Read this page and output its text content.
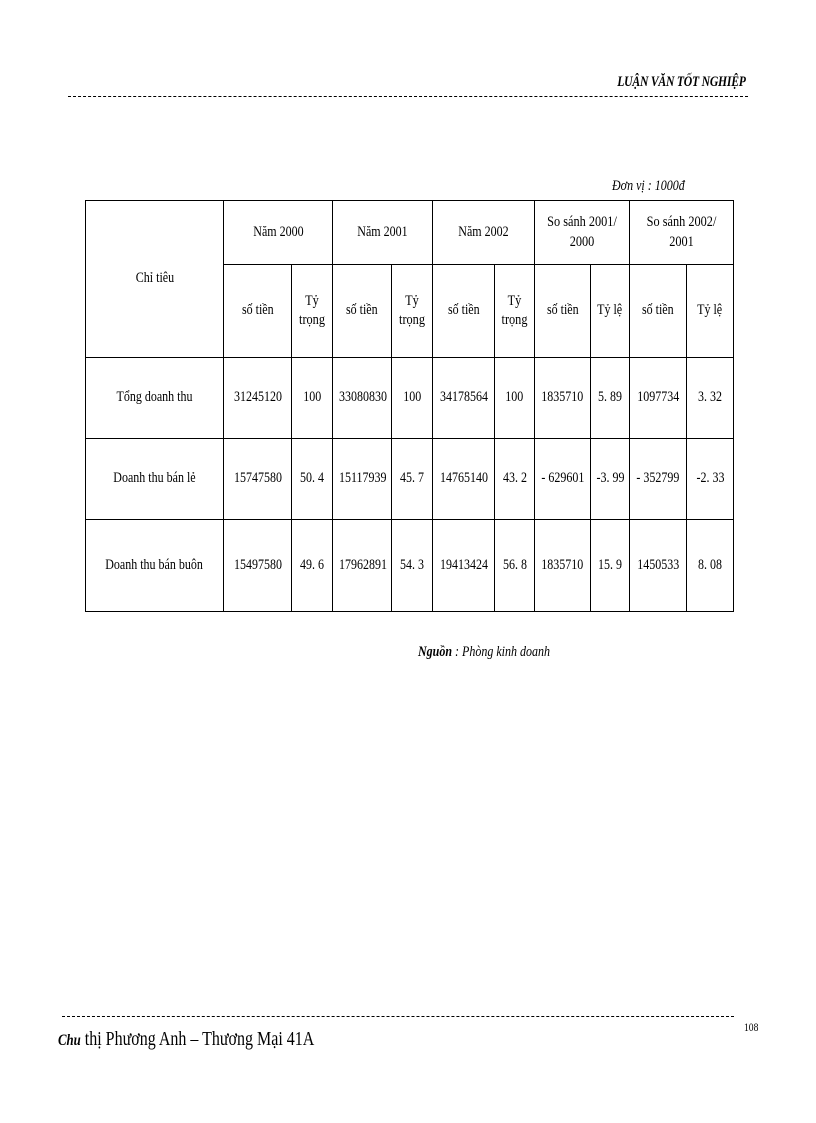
LUẬN VĂN TỐT NGHIỆP
Đơn vị : 1000đ
Chỉ tiêu	Năm 2000		Năm 2001		Năm 2002		So sánh 2001/ 2000		So sánh 2002/ 2001	
	số tiền	Tỷ trọng	số tiền	Tỷ trọng	số tiền	Tỷ trọng	số tiền	Tỷ lệ	số tiền	Tỷ lệ
Tổng doanh thu	31245120	100	33080830	100	34178564	100	1835710	5. 89	1097734	3. 32
Doanh thu bán lẻ	15747580	50. 4	15117939	45. 7	14765140	43. 2	- 629601	-3. 99	- 352799	-2. 33
Doanh thu bán buôn	15497580	49. 6	17962891	54. 3	19413424	56. 8	1835710	15. 9	1450533	8. 08
Nguồn : Phòng kinh doanh
Chu thị Phương Anh – Thương Mại 41A
108
